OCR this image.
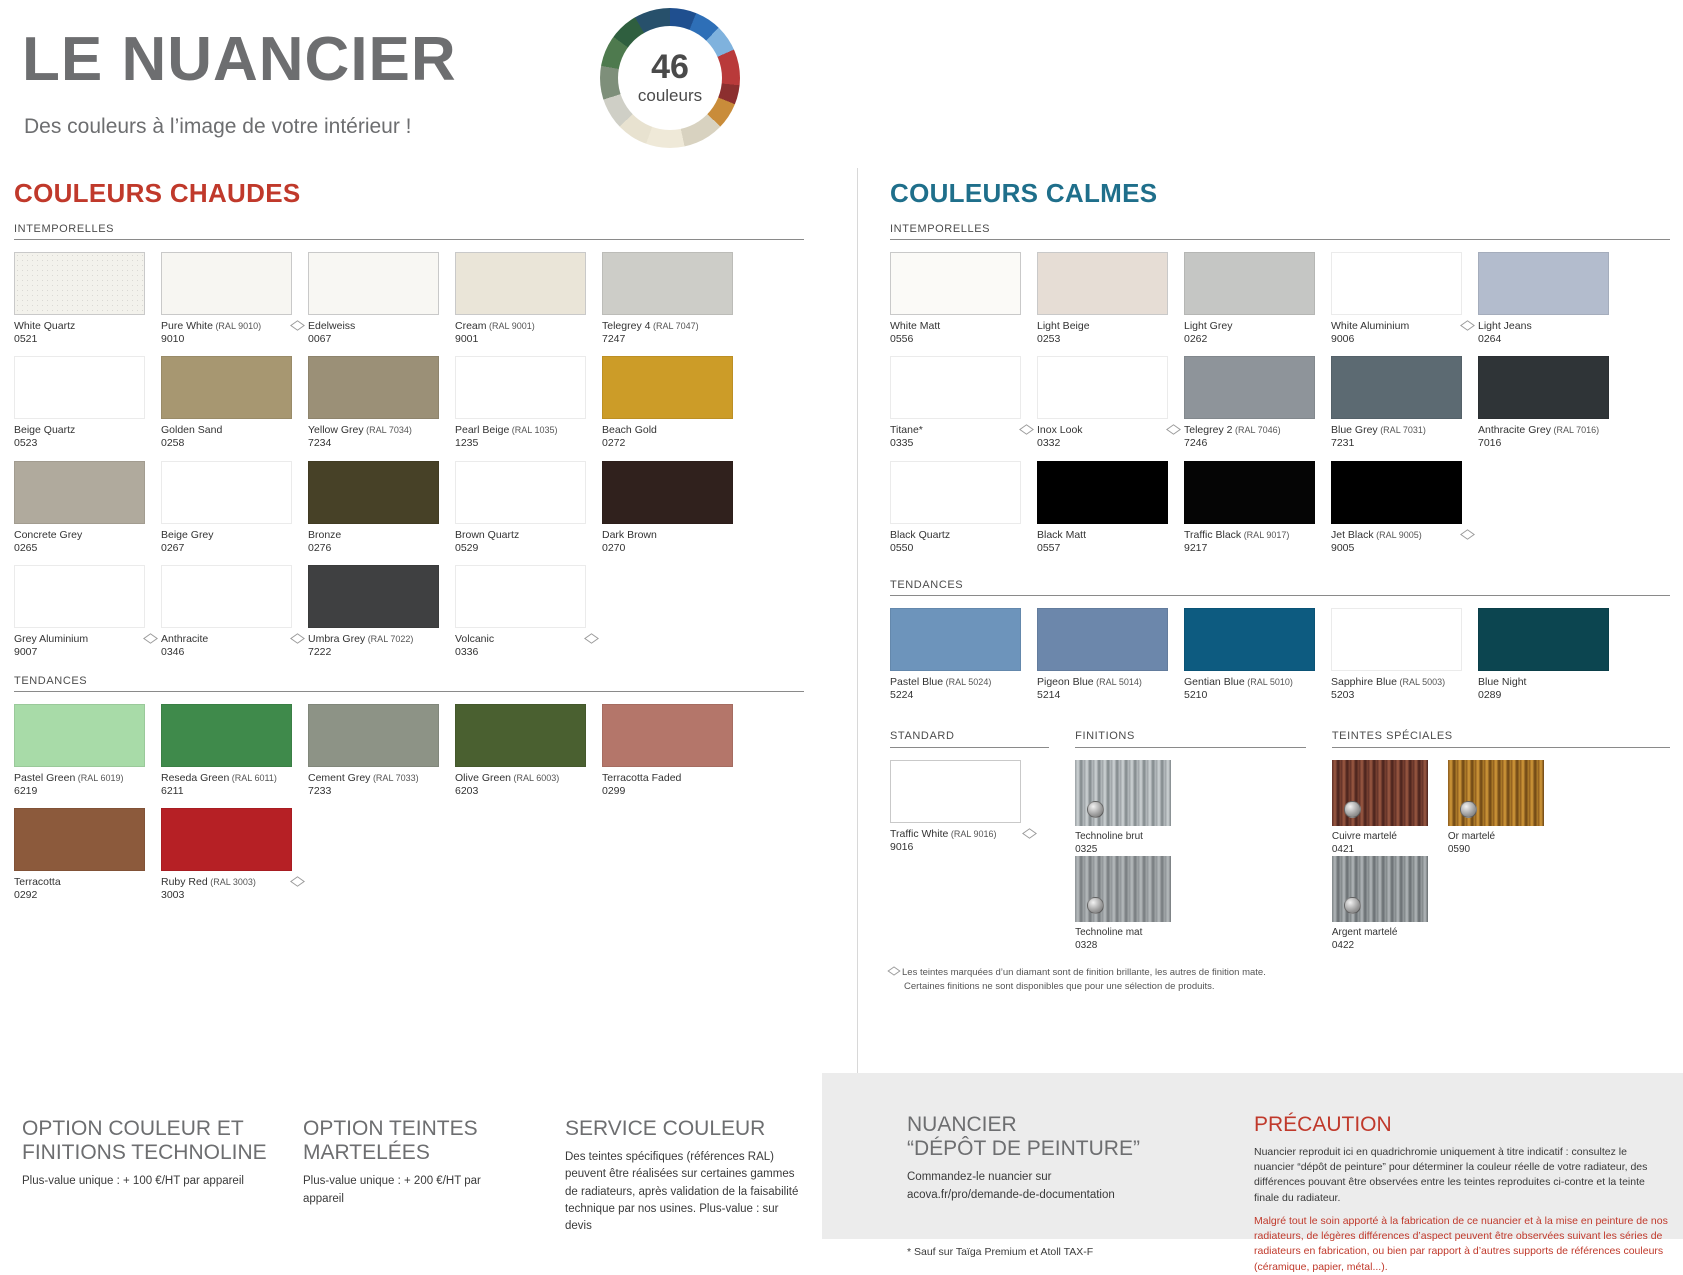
LE NUANCIER
Des couleurs à l’image de votre intérieur !
46
couleurs
COULEURS CHAUDES
INTEMPORELLES
White Quartz
0521
Pure White (RAL 9010)
9010
Edelweiss
0067
Cream (RAL 9001)
9001
Telegrey 4 (RAL 7047)
7247
Beige Quartz
0523
Golden Sand
0258
Yellow Grey (RAL 7034)
7234
Pearl Beige (RAL 1035)
1235
Beach Gold
0272
Concrete Grey
0265
Beige Grey
0267
Bronze
0276
Brown Quartz
0529
Dark Brown
0270
Grey Aluminium
9007
Anthracite
0346
Umbra Grey (RAL 7022)
7222
Volcanic
0336
TENDANCES
Pastel Green (RAL 6019)
6219
Reseda Green (RAL 6011)
6211
Cement Grey (RAL 7033)
7233
Olive Green (RAL 6003)
6203
Terracotta Faded
0299
Terracotta
0292
Ruby Red (RAL 3003)
3003
COULEURS CALMES
INTEMPORELLES
White Matt
0556
Light Beige
0253
Light Grey
0262
White Aluminium
9006
Light Jeans
0264
Titane*
0335
Inox Look
0332
Telegrey 2 (RAL 7046)
7246
Blue Grey (RAL 7031)
7231
Anthracite Grey (RAL 7016)
7016
Black Quartz
0550
Black Matt
0557
Traffic Black (RAL 9017)
9217
Jet Black (RAL 9005)
9005
TENDANCES
Pastel Blue (RAL 5024)
5224
Pigeon Blue (RAL 5014)
5214
Gentian Blue (RAL 5010)
5210
Sapphire Blue (RAL 5003)
5203
Blue Night
0289
STANDARD
Traffic White (RAL 9016)
9016
FINITIONS
Technoline brut
0325
Technoline mat
0328
TEINTES SPÉCIALES
Cuivre martelé
0421
Or martelé
0590
Argent martelé
0422
Les teintes marquées d’un diamant sont de finition brillante, les autres de finition mate.
Certaines finitions ne sont disponibles que pour une sélection de produits.
OPTION COULEUR ET FINITIONS TECHNOLINE
Plus-value unique : + 100 €/HT par appareil
OPTION TEINTES MARTELÉES
Plus-value unique : + 200 €/HT par appareil
SERVICE COULEUR
Des teintes spécifiques (références RAL) peuvent être réalisées sur certaines gammes de radiateurs, après validation de la faisabilité technique par nos usines. Plus-value : sur devis
NUANCIER
“DÉPÔT DE PEINTURE”
Commandez-le nuancier sur
acova.fr/pro/demande-de-documentation
* Sauf sur Taïga Premium et Atoll TAX-F
PRÉCAUTION
Nuancier reproduit ici en quadrichromie uniquement à titre indicatif : consultez le nuancier “dépôt de peinture” pour déterminer la couleur réelle de votre radiateur, des différences pouvant être observées entre les teintes reproduites ci-contre et la teinte finale du radiateur.
Malgré tout le soin apporté à la fabrication de ce nuancier et à la mise en peinture de nos radiateurs, de légères différences d’aspect peuvent être observées suivant les séries de radiateurs en fabrication, ou bien par rapport à d’autres supports de références couleurs (céramique, papier, métal...).
